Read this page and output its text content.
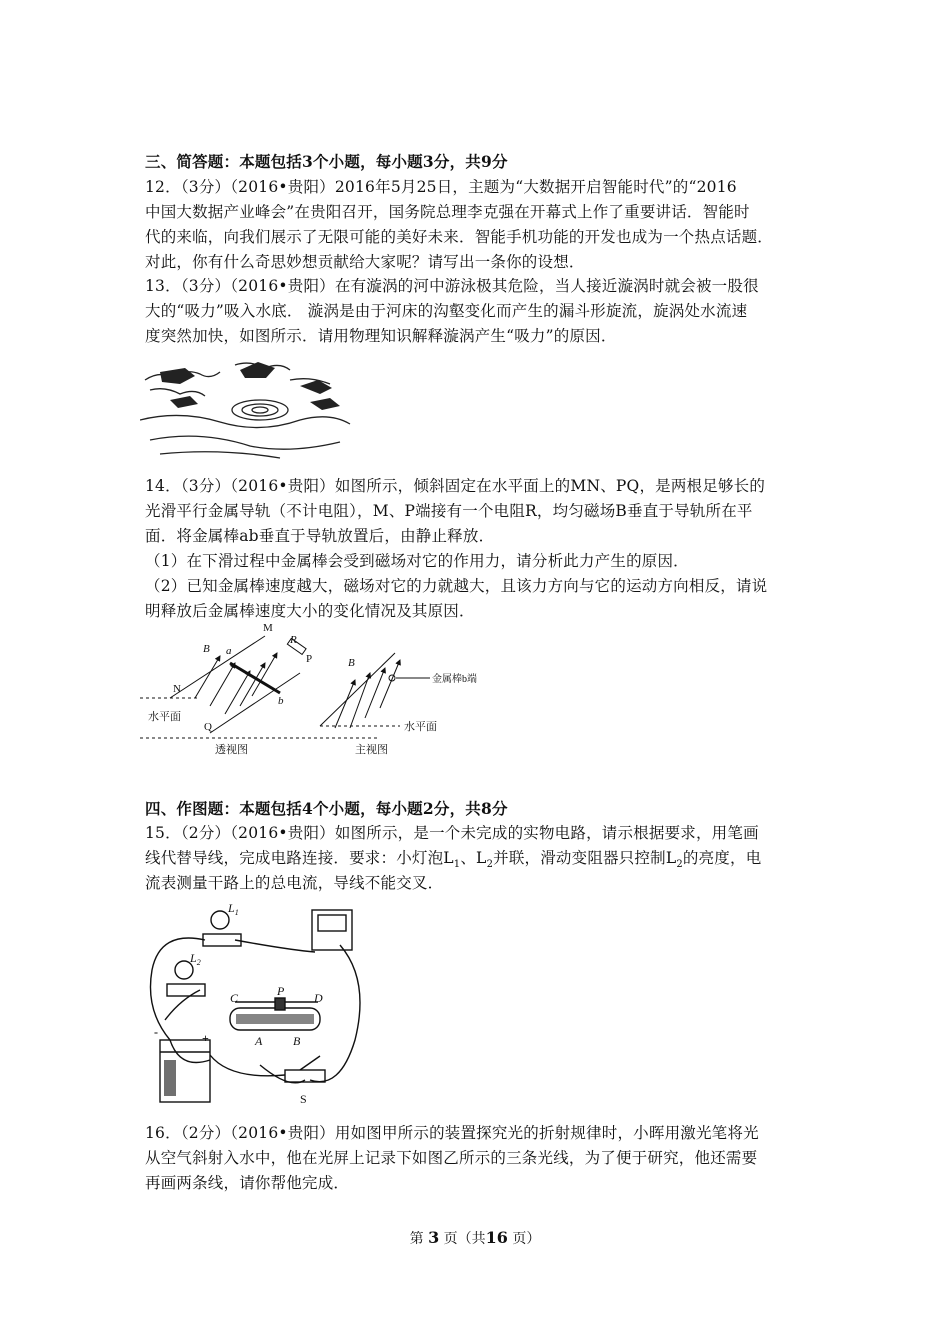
三、简答题：本题包括3个小题，每小题3分，共9分
12．（3分）（2016•贵阳）2016年5月25日，主题为“大数据开启智能时代”的“2016
中国大数据产业峰会”在贵阳召开，国务院总理李克强在开幕式上作了重要讲话．智能时
代的来临，向我们展示了无限可能的美好未来．智能手机功能的开发也成为一个热点话题．
对此，你有什么奇思妙想贡献给大家呢？请写出一条你的设想．
13．（3分）（2016•贵阳）在有漩涡的河中游泳极其危险，当人接近漩涡时就会被一股很
大的“吸力”吸入水底． 漩涡是由于河床的沟壑变化而产生的漏斗形旋流，旋涡处水流速
度突然加快，如图所示．请用物理知识解释漩涡产生“吸力”的原因．
14．（3分）（2016•贵阳）如图所示，倾斜固定在水平面上的MN、PQ，是两根足够长的
光滑平行金属导轨（不计电阻），M、P端接有一个电阻R，均匀磁场B垂直于导轨所在平
面．将金属棒ab垂直于导轨放置后，由静止释放．
（1）在下滑过程中金属棒会受到磁场对它的作用力，请分析此力产生的原因．
（2）已知金属棒速度越大，磁场对它的力就越大，且该力方向与它的运动方向相反，请说
明释放后金属棒速度大小的变化情况及其原因．
M
R
P
B a
b
N
Q
水平面
透视图
B
金属棒b端
水平面
主视图
四、作图题：本题包括4个小题，每小题2分，共8分
15．（2分）（2016•贵阳）如图所示，是一个未完成的实物电路，请示根据要求，用笔画
线代替导线，完成电路连接．要求：小灯泡$L_1$、$L_2$并联，滑动变阻器只控制$L_2$的亮度，电
流表测量干路上的总电流，导线不能交叉．
$L_1$
$L_2$
C	P D
A	B
S
-	+
16．（2分）（2016•贵阳）用如图甲所示的装置探究光的折射规律时，小晖用激光笔将光
从空气斜射入水中，他在光屏上记录下如图乙所示的三条光线，为了便于研究，他还需要
再画两条线，请你帮他完成．
第 3 页（共16 页）
